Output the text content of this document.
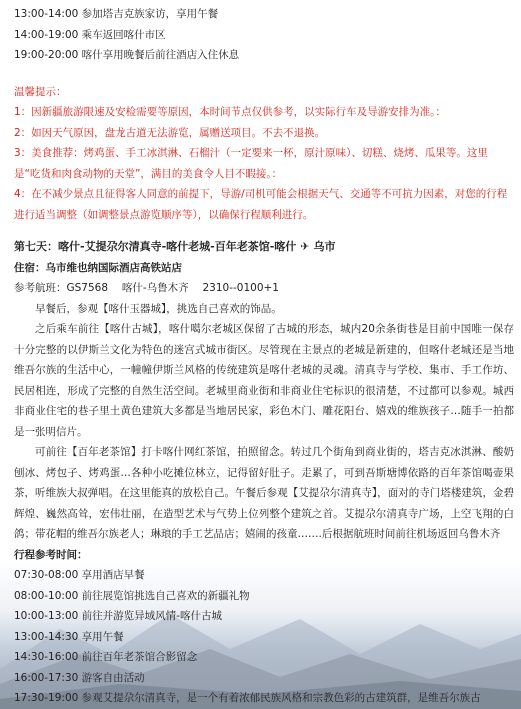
13:00-14:00 参加塔吉克族家访，享用午餐
14:00-19:00 乘车返回喀什市区
19:00-20:00 喀什享用晚餐后前往酒店入住休息
温馨提示：
1：因新疆旅游限速及安检需要等原因，本时间节点仅供参考，以实际行车及导游安排为准。：
2：如因天气原因，盘龙古道无法游览，属赠送项目。不去不退换。
3：美食推荐：烤鸡蛋、手工冰淇淋、石榴汁（一定要来一杯，原汁原味）、切糕、烧烤、瓜果等。这里是“吃货和肉食动物的天堂”，满目的美食令人目不暇接。：
4：在不减少景点且征得客人同意的前提下，导游/司机可能会根据天气、交通等不可抗力因素，对您的行程进行适当调整（如调整景点游览顺序等），以确保行程顺利进行。
第七天：喀什-艾提尕尔清真寺-喀什老城-百年老茶馆-喀什 ✈ 乌市
住宿：乌市维也纳国际酒店高铁站店
参考航班：GS7568　 喀什-乌鲁木齐　 2310--0100+1
早餐后，参观【喀什玉器城】，挑选自己喜欢的饰品。
之后乘车前往【喀什古城】，喀什噶尔老城区保留了古城的形态，城内20余条街巷是目前中国唯一保存十分完整的以伊斯兰文化为特色的迷宫式城市街区。尽管现在主景点的老城是新建的，但喀什老城还是当地维吾尔族的生活中心，一幢幢伊斯兰风格的传统建筑是喀什老城的灵魂。清真寺与学校、集市、手工作坊、民居相连，形成了完整的自然生活空间。老城里商业街和非商业住宅标识的很清楚，不过都可以参观。城西非商业住宅的巷子里土黄色建筑大多都是当地居民家，彩色木门、雕花阳台、嬉戏的维族孩子…随手一拍都是一张明信片。
可前往【百年老茶馆】打卡喀什网红茶馆，拍照留念。转过几个街角到商业街的，塔吉克冰淇淋、酸奶刨冰、烤包子、烤鸡蛋…各种小吃摊位林立，记得留好肚子。走累了，可到吾斯塘博依路的百年茶馆喝壶果茶，听维族大叔弹唱。在这里能真的放松自己。午餐后参观【艾提尕尔清真寺】，面对的寺门塔楼建筑，金碧辉煌、巍然高耸，宏伟壮丽，在造型艺术与气势上位列整个建筑之首。艾提尕尔清真寺广场，上空飞翔的白鸽；带花帽的维吾尔族老人；琳琅的手工艺品店；嬉闹的孩童…….后根据航班时间前往机场返回乌鲁木齐
行程参考时间：
07:30-08:00 享用酒店早餐
08:00-10:00 前往展览馆挑选自己喜欢的新疆礼物
10:00-13:00 前往并游览异域风情-喀什古城
13:00-14:30 享用午餐
14:30-16:00 前往百年老茶馆合影留念
16:00-17:30 游客自由活动
17:30-19:00 参观艾提尕尔清真寺，是一个有着浓郁民族风格和宗教色彩的古建筑群，是维吾尔族古
